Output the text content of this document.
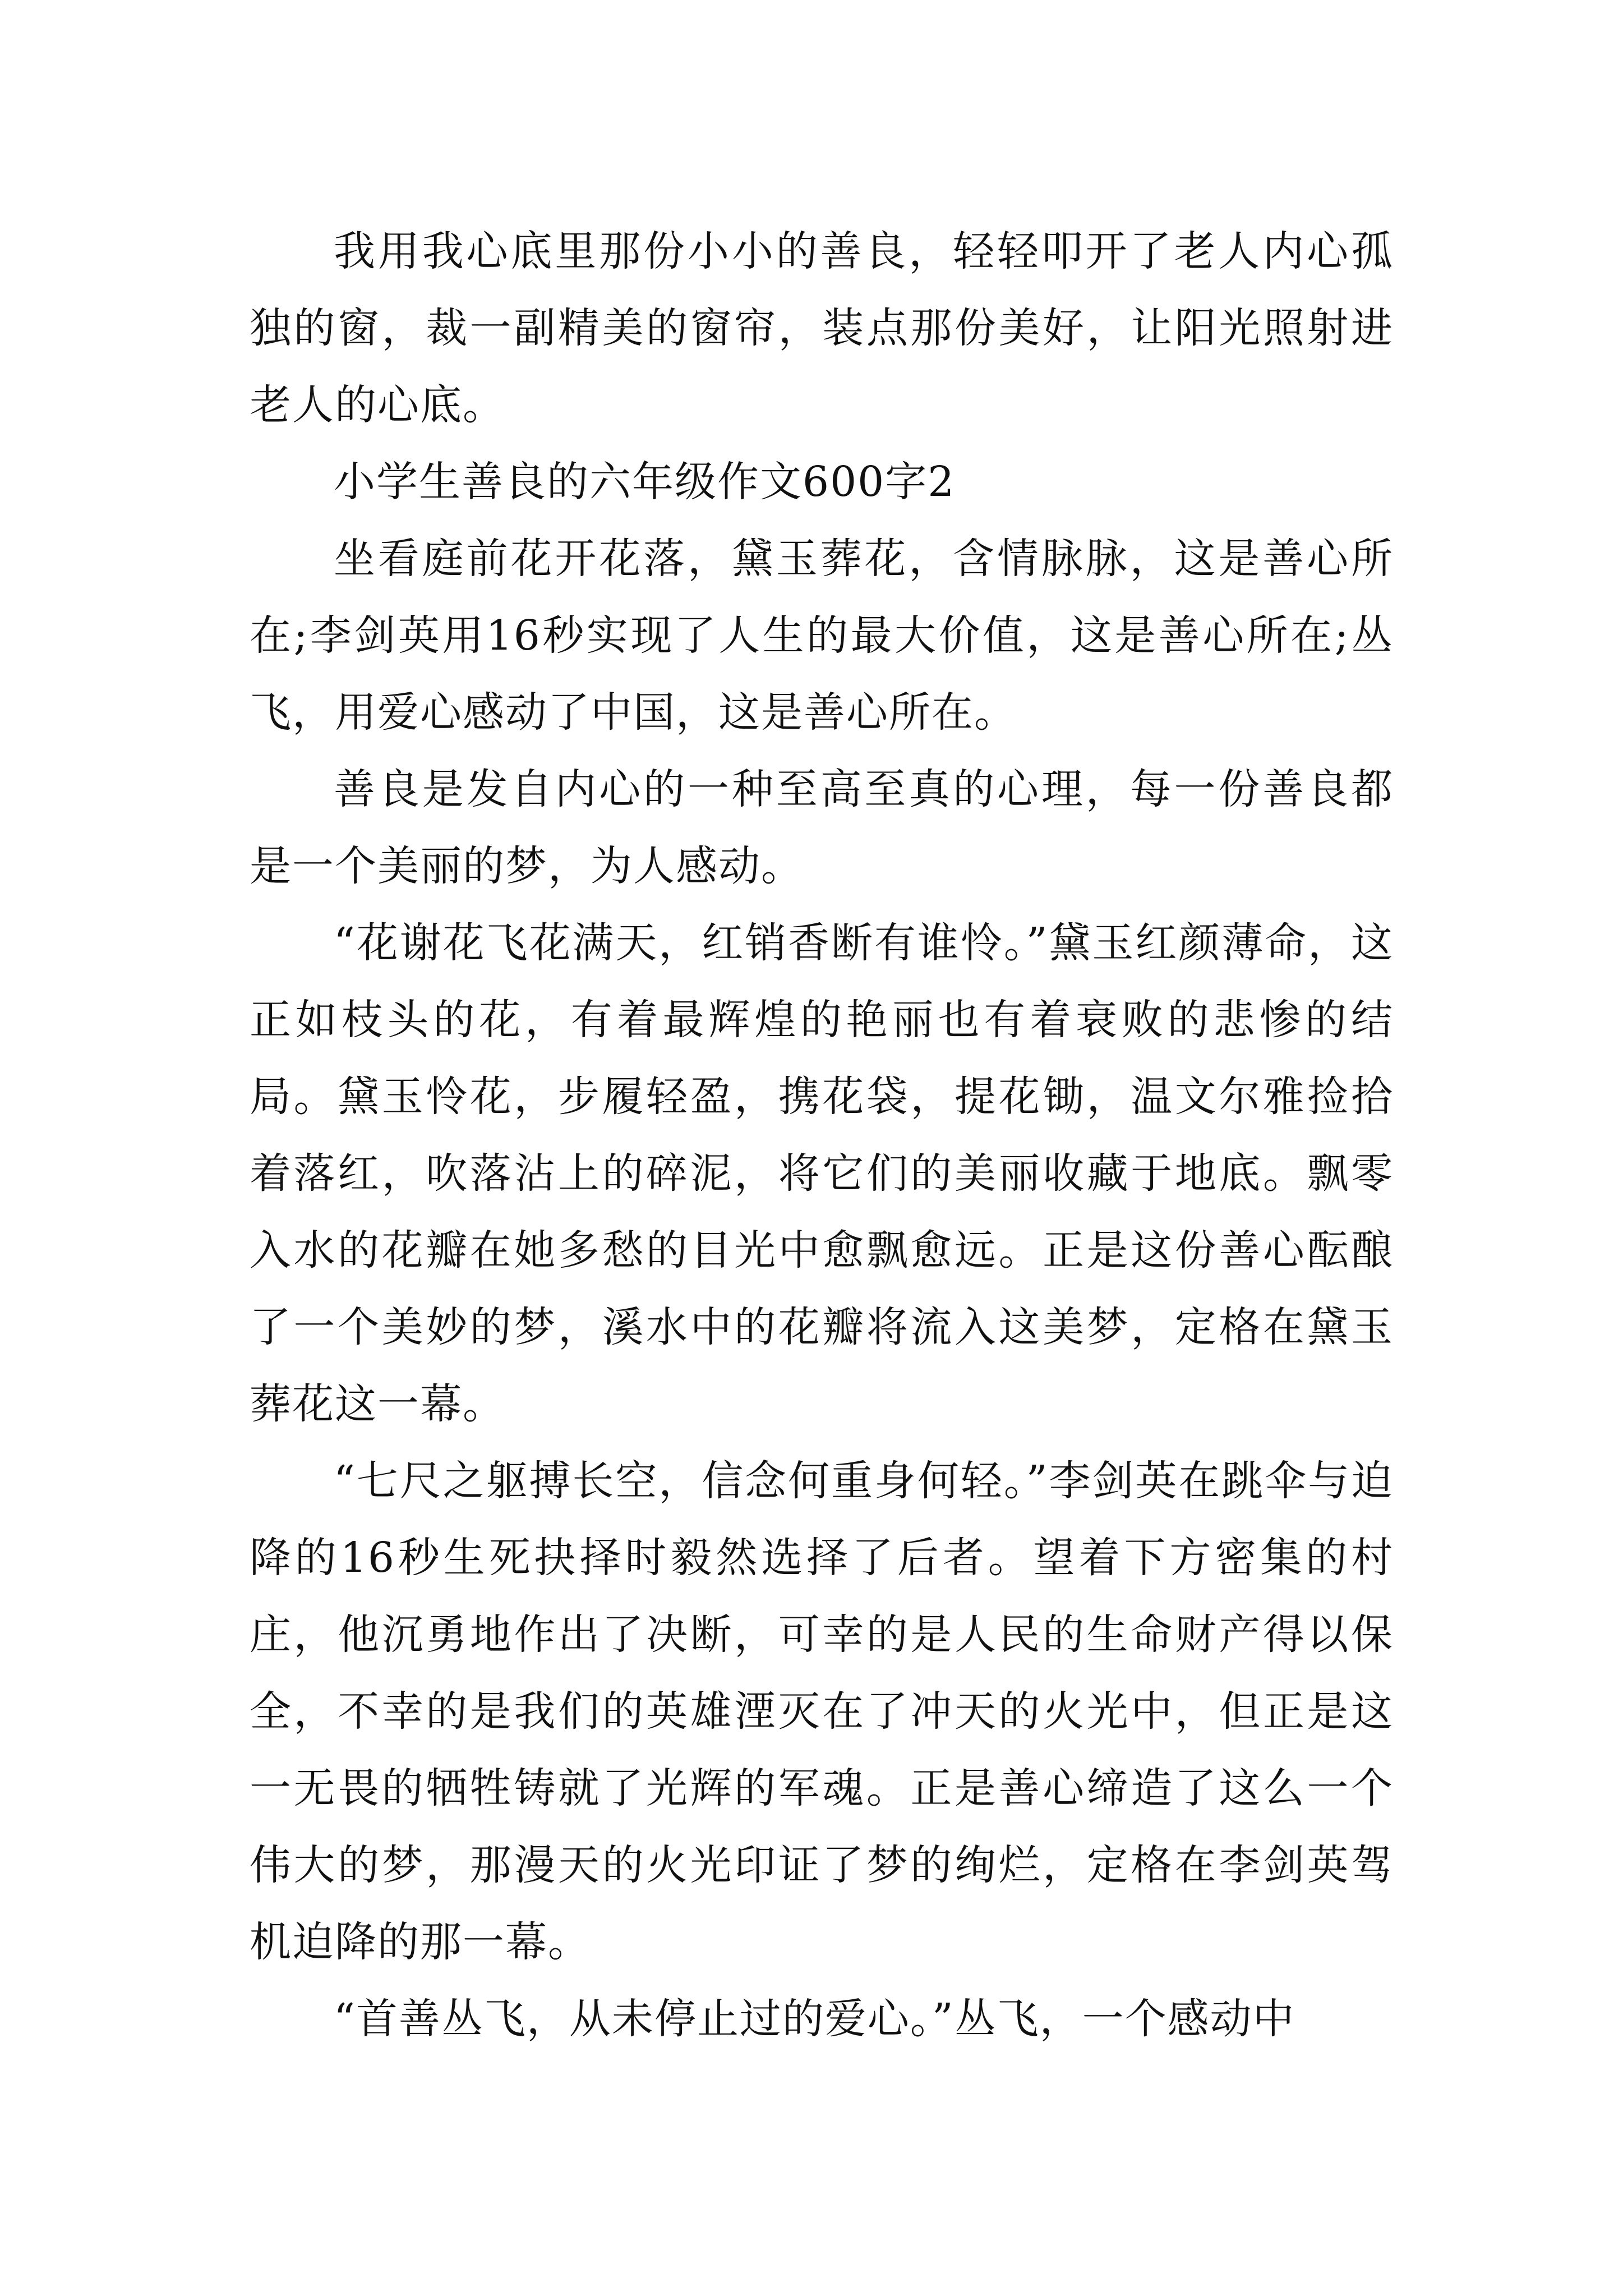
我用我心底里那份小小的善良，轻轻叩开了老人内心孤独的窗，裁一副精美的窗帘，装点那份美好，让阳光照射进老人的心底。

小学生善良的六年级作文600字2

坐看庭前花开花落，黛玉葬花，含情脉脉，这是善心所在;李剑英用16秒实现了人生的最大价值，这是善心所在;丛飞，用爱心感动了中国，这是善心所在。

善良是发自内心的一种至高至真的心理，每一份善良都是一个美丽的梦，为人感动。

“花谢花飞花满天，红销香断有谁怜。”黛玉红颜薄命，这正如枝头的花，有着最辉煌的艳丽也有着衰败的悲惨的结局。黛玉怜花，步履轻盈，携花袋，提花锄，温文尔雅捡拾着落红，吹落沾上的碎泥，将它们的美丽收藏于地底。飘零入水的花瓣在她多愁的目光中愈飘愈远。正是这份善心酝酿了一个美妙的梦，溪水中的花瓣将流入这美梦，定格在黛玉葬花这一幕。

“七尺之躯搏长空，信念何重身何轻。”李剑英在跳伞与迫降的16秒生死抉择时毅然选择了后者。望着下方密集的村庄，他沉勇地作出了决断，可幸的是人民的生命财产得以保全，不幸的是我们的英雄湮灭在了冲天的火光中，但正是这一无畏的牺牲铸就了光辉的军魂。正是善心缔造了这么一个伟大的梦，那漫天的火光印证了梦的绚烂，定格在李剑英驾机迫降的那一幕。

“首善丛飞，从未停止过的爱心。”丛飞，一个感动中
